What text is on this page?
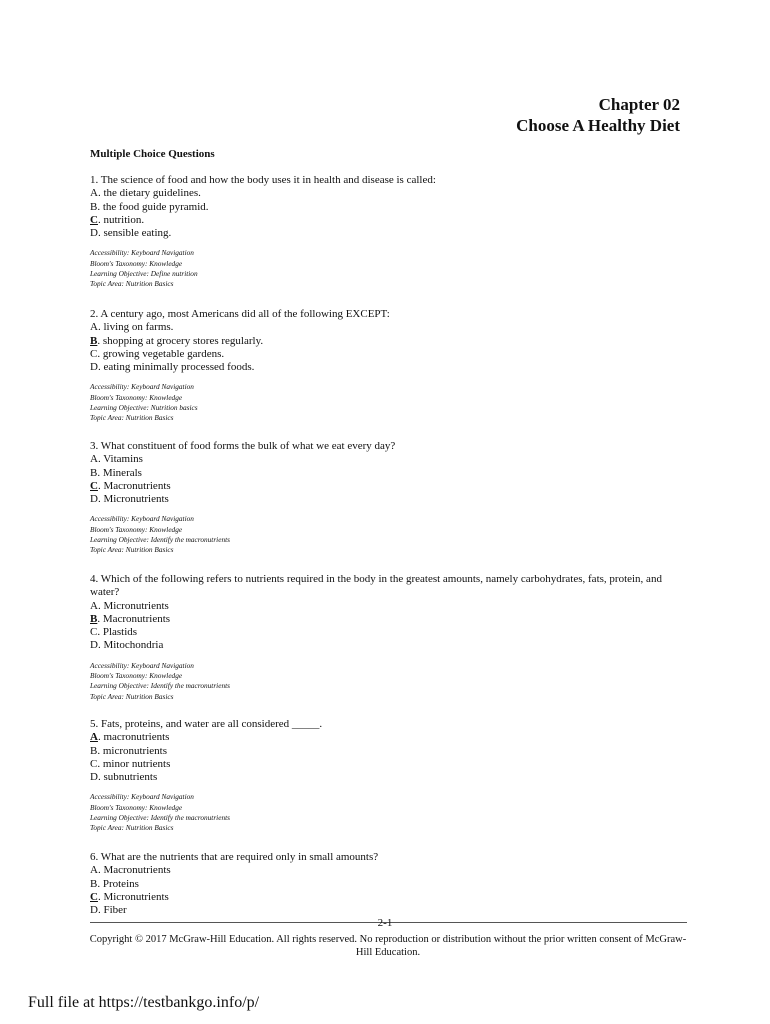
Chapter 02
Choose A Healthy Diet
Multiple Choice Questions
1. The science of food and how the body uses it in health and disease is called:
A. the dietary guidelines.
B. the food guide pyramid.
C. nutrition.
D. sensible eating.
Accessibility: Keyboard Navigation
Bloom's Taxonomy: Knowledge
Learning Objective: Define nutrition
Topic Area: Nutrition Basics
2. A century ago, most Americans did all of the following EXCEPT:
A. living on farms.
B. shopping at grocery stores regularly.
C. growing vegetable gardens.
D. eating minimally processed foods.
Accessibility: Keyboard Navigation
Bloom's Taxonomy: Knowledge
Learning Objective: Nutrition basics
Topic Area: Nutrition Basics
3. What constituent of food forms the bulk of what we eat every day?
A. Vitamins
B. Minerals
C. Macronutrients
D. Micronutrients
Accessibility: Keyboard Navigation
Bloom's Taxonomy: Knowledge
Learning Objective: Identify the macronutrients
Topic Area: Nutrition Basics
4. Which of the following refers to nutrients required in the body in the greatest amounts, namely carbohydrates, fats, protein, and water?
A. Micronutrients
B. Macronutrients
C. Plastids
D. Mitochondria
Accessibility: Keyboard Navigation
Bloom's Taxonomy: Knowledge
Learning Objective: Identify the macronutrients
Topic Area: Nutrition Basics
5. Fats, proteins, and water are all considered _____.
A. macronutrients
B. micronutrients
C. minor nutrients
D. subnutrients
Accessibility: Keyboard Navigation
Bloom's Taxonomy: Knowledge
Learning Objective: Identify the macronutrients
Topic Area: Nutrition Basics
6. What are the nutrients that are required only in small amounts?
A. Macronutrients
B. Proteins
C. Micronutrients
D. Fiber
2-1
Copyright © 2017 McGraw-Hill Education. All rights reserved. No reproduction or distribution without the prior written consent of McGraw-Hill Education.
Full file at https://testbankgo.info/p/
